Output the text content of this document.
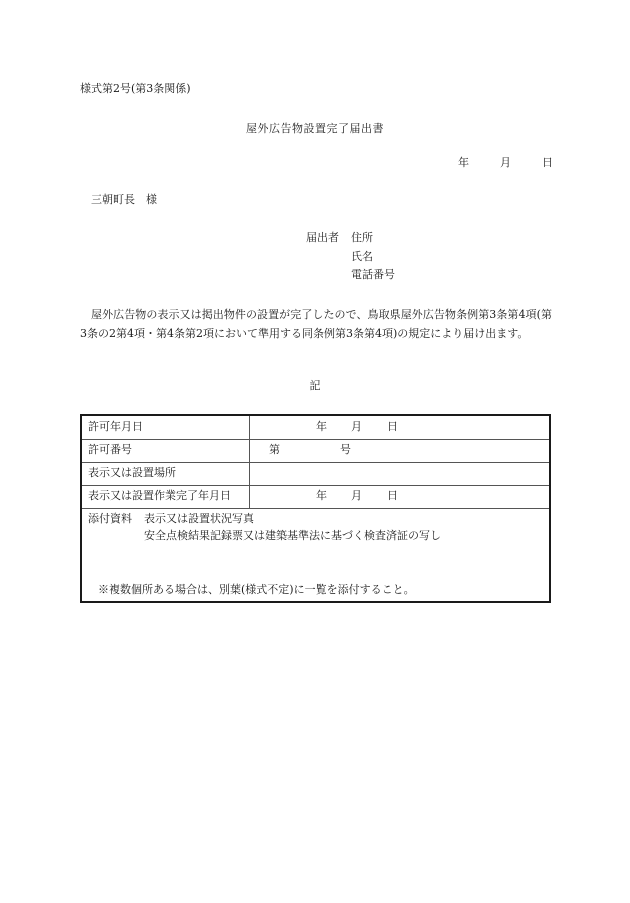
様式第2号(第3条関係)
屋外広告物設置完了届出書
年	月	日
三朝町長　様
届出者 住所
氏名
電話番号
屋外広告物の表示又は掲出物件の設置が完了したので、鳥取県屋外広告物条例第3条第4項(第3条の2第4項・第4条第2項において準用する同条例第3条第4項)の規定により届け出ます。
記
許可年月日	年 月 日
許可番号	第	号
表示又は設置場所
表示又は設置作業完了年月日	年 月 日
添付資料 表示又は設置状況写真
安全点検結果記録票又は建築基準法に基づく検査済証の写し
※複数個所ある場合は、別葉(様式不定)に一覧を添付すること。
